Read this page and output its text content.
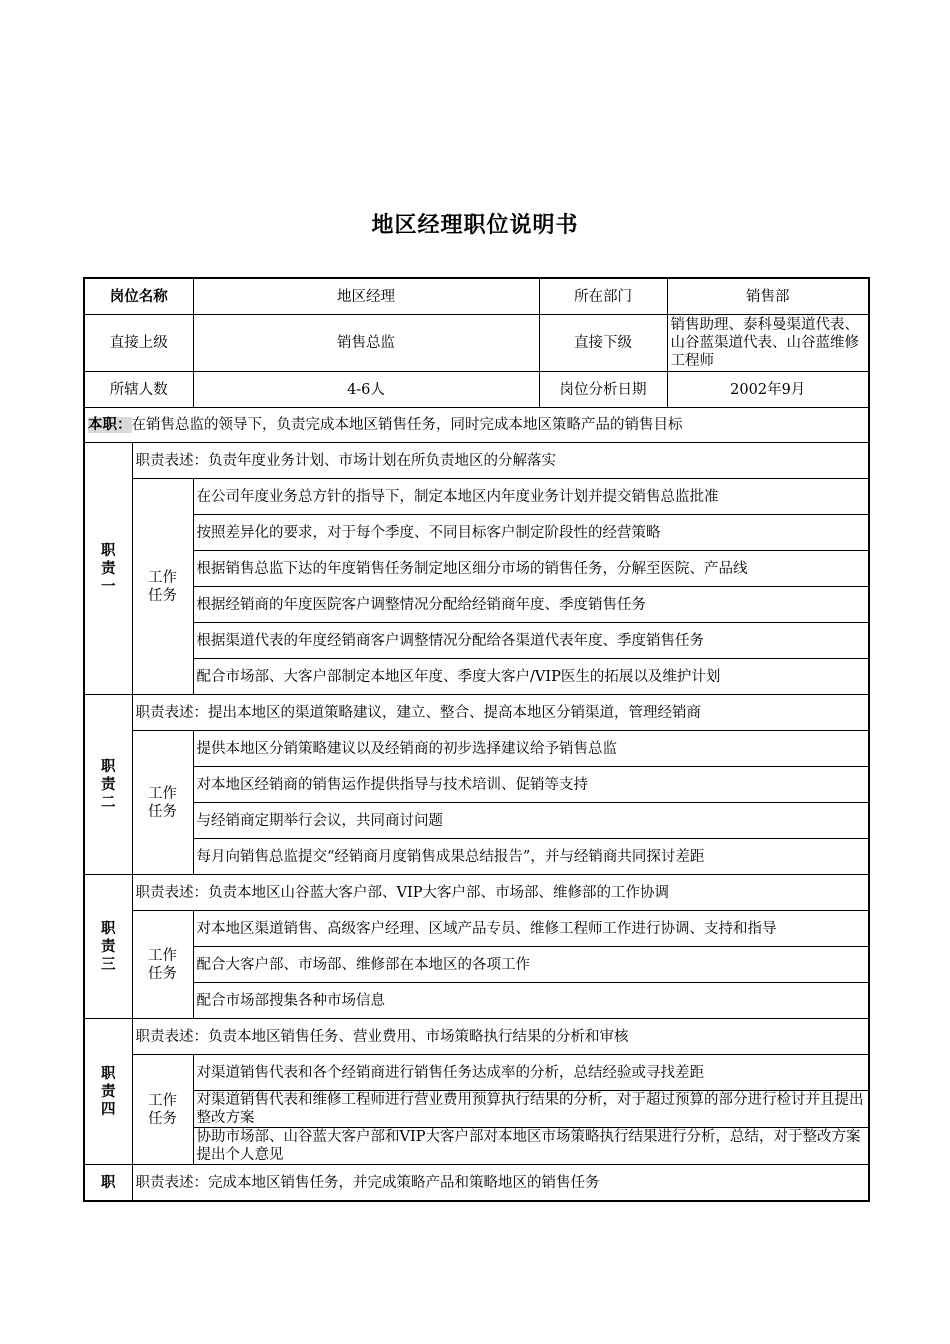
地区经理职位说明书
岗位名称		地区经理	所在部门	销售部
直接上级		销售总监	直接下级	销售助理、泰科曼渠道代表、山谷蓝渠道代表、山谷蓝维修工程师
所辖人数		4-6人	岗位分析日期	2002年9月
本职：在销售总监的领导下，负责完成本地区销售任务，同时完成本地区策略产品的销售目标				

职责一	职责表述：负责年度业务计划、市场计划在所负责地区的分解落实			

	工作任务	在公司年度业务总方针的指导下，制定本地区内年度业务计划并提交销售总监批准		
		按照差异化的要求，对于每个季度、不同目标客户制定阶段性的经营策略		
		根据销售总监下达的年度销售任务制定地区细分市场的销售任务，分解至医院、产品线		
		根据经销商的年度医院客户调整情况分配给经销商年度、季度销售任务		
		根据渠道代表的年度经销商客户调整情况分配给各渠道代表年度、季度销售任务		
		配合市场部、大客户部制定本地区年度、季度大客户/VIP医生的拓展以及维护计划		

职责二	职责表述：提出本地区的渠道策略建议，建立、整合、提高本地区分销渠道，管理经销商			

	工作任务	提供本地区分销策略建议以及经销商的初步选择建议给予销售总监		
		对本地区经销商的销售运作提供指导与技术培训、促销等支持		
		与经销商定期举行会议，共同商讨问题		
		每月向销售总监提交“经销商月度销售成果总结报告”，并与经销商共同探讨差距		

职责三	职责表述：负责本地区山谷蓝大客户部、VIP大客户部、市场部、维修部的工作协调			

	工作任务	对本地区渠道销售、高级客户经理、区域产品专员、维修工程师工作进行协调、支持和指导		
		配合大客户部、市场部、维修部在本地区的各项工作		
		配合市场部搜集各种市场信息		

职责四	职责表述：负责本地区销售任务、营业费用、市场策略执行结果的分析和审核			

	工作任务	对渠道销售代表和各个经销商进行销售任务达成率的分析，总结经验或寻找差距		
		对渠道销售代表和维修工程师进行营业费用预算执行结果的分析，对于超过预算的部分进行检讨并且提出整改方案		
		协助市场部、山谷蓝大客户部和VIP大客户部对本地区市场策略执行结果进行分析，总结，对于整改方案提出个人意见		
职	职责表述：完成本地区销售任务，并完成策略产品和策略地区的销售任务			
